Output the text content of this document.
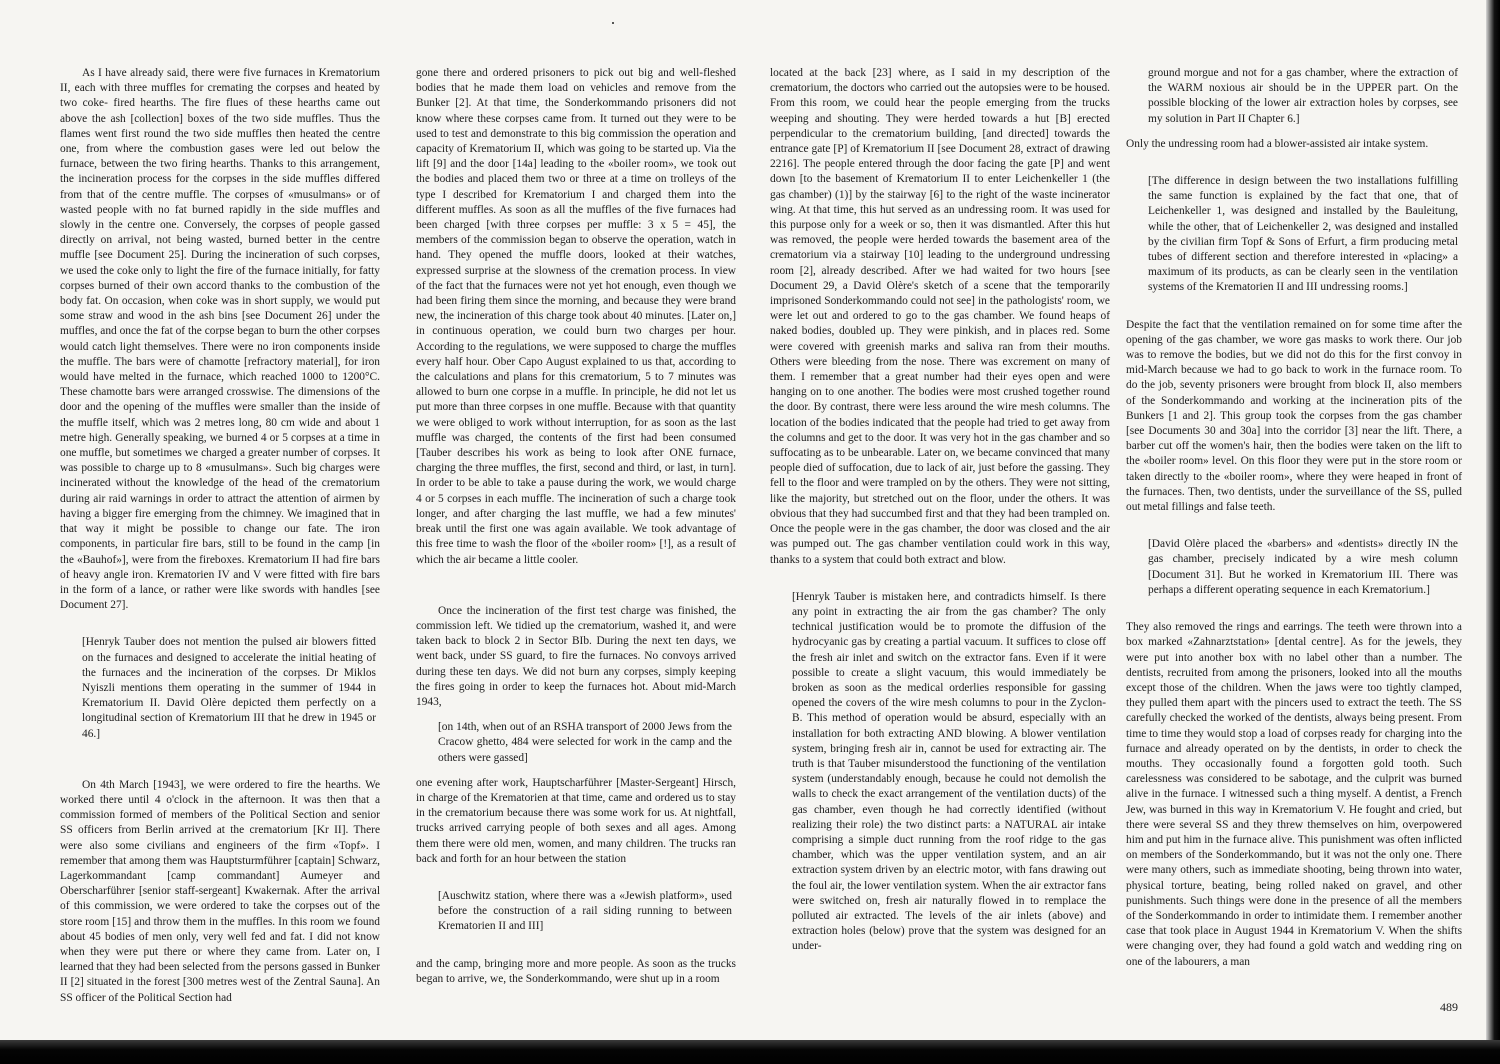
As I have already said, there were five furnaces in Krematorium II, each with three muffles for cremating the corpses and heated by two coke- fired hearths. The fire flues of these hearths came out above the ash [collection] boxes of the two side muffles. Thus the flames went first round the two side muffles then heated the centre one, from where the combustion gases were led out below the furnace, between the two firing hearths. Thanks to this arrangement, the incineration process for the corpses in the side muffles differed from that of the centre muffle. The corpses of «musulmans» or of wasted people with no fat burned rapidly in the side muffles and slowly in the centre one. Conversely, the corpses of people gassed directly on arrival, not being wasted, burned better in the centre muffle [see Document 25]. During the incineration of such corpses, we used the coke only to light the fire of the furnace initially, for fatty corpses burned of their own accord thanks to the combustion of the body fat. On occasion, when coke was in short supply, we would put some straw and wood in the ash bins [see Document 26] under the muffles, and once the fat of the corpse began to burn the other corpses would catch light themselves. There were no iron components inside the muffle. The bars were of chamotte [refractory material], for iron would have melted in the furnace, which reached 1000 to 1200°C. These chamotte bars were arranged crosswise. The dimensions of the door and the opening of the muffles were smaller than the inside of the muffle itself, which was 2 metres long, 80 cm wide and about 1 metre high. Generally speaking, we burned 4 or 5 corpses at a time in one muffle, but sometimes we charged a greater number of corpses. It was possible to charge up to 8 «musulmans». Such big charges were incinerated without the knowledge of the head of the crematorium during air raid warnings in order to attract the attention of airmen by having a bigger fire emerging from the chimney. We imagined that in that way it might be possible to change our fate. The iron components, in particular fire bars, still to be found in the camp [in the «Bauhof»], were from the fireboxes. Krematorium II had fire bars of heavy angle iron. Krematorien IV and V were fitted with fire bars in the form of a lance, or rather were like swords with handles [see Document 27].

[Henryk Tauber does not mention the pulsed air blowers fitted on the furnaces and designed to accelerate the initial heating of the furnaces and the incineration of the corpses. Dr Miklos Nyiszli mentions them operating in the summer of 1944 in Krematorium II. David Olère depicted them perfectly on a longitudinal section of Krematorium III that he drew in 1945 or 46.]

On 4th March [1943], we were ordered to fire the hearths. We worked there until 4 o'clock in the afternoon. It was then that a commission formed of members of the Political Section and senior SS officers from Berlin arrived at the crematorium [Kr II]. There were also some civilians and engineers of the firm «Topf». I remember that among them was Hauptsturmführer [captain] Schwarz, Lagerkommandant [camp commandant] Aumeyer and Oberscharführer [senior staff-sergeant] Kwakernak. After the arrival of this commission, we were ordered to take the corpses out of the store room [15] and throw them in the muffles. In this room we found about 45 bodies of men only, very well fed and fat. I did not know when they were put there or where they came from. Later on, I learned that they had been selected from the persons gassed in Bunker II [2] situated in the forest [300 metres west of the Zentral Sauna]. An SS officer of the Political Section had

gone there and ordered prisoners to pick out big and well-fleshed bodies that he made them load on vehicles and remove from the Bunker [2]. At that time, the Sonderkommando prisoners did not know where these corpses came from. It turned out they were to be used to test and demonstrate to this big commission the operation and capacity of Krematorium II, which was going to be started up. Via the lift [9] and the door [14a] leading to the «boiler room», we took out the bodies and placed them two or three at a time on trolleys of the type I described for Krematorium I and charged them into the different muffles. As soon as all the muffles of the five furnaces had been charged [with three corpses per muffle: 3 x 5 = 45], the members of the commission began to observe the operation, watch in hand. They opened the muffle doors, looked at their watches, expressed surprise at the slowness of the cremation process. In view of the fact that the furnaces were not yet hot enough, even though we had been firing them since the morning, and because they were brand new, the incineration of this charge took about 40 minutes. [Later on,] in continuous operation, we could burn two charges per hour. According to the regulations, we were supposed to charge the muffles every half hour. Ober Capo August explained to us that, according to the calculations and plans for this crematorium, 5 to 7 minutes was allowed to burn one corpse in a muffle. In principle, he did not let us put more than three corpses in one muffle. Because with that quantity we were obliged to work without interruption, for as soon as the last muffle was charged, the contents of the first had been consumed [Tauber describes his work as being to look after ONE furnace, charging the three muffles, the first, second and third, or last, in turn]. In order to be able to take a pause during the work, we would charge 4 or 5 corpses in each muffle. The incineration of such a charge took longer, and after charging the last muffle, we had a few minutes' break until the first one was again available. We took advantage of this free time to wash the floor of the «boiler room» [!], as a result of which the air became a little cooler.

Once the incineration of the first test charge was finished, the commission left. We tidied up the crematorium, washed it, and were taken back to block 2 in Sector BIb. During the next ten days, we went back, under SS guard, to fire the furnaces. No convoys arrived during these ten days. We did not burn any corpses, simply keeping the fires going in order to keep the furnaces hot. About mid-March 1943,

[on 14th, when out of an RSHA transport of 2000 Jews from the Cracow ghetto, 484 were selected for work in the camp and the others were gassed]

one evening after work, Hauptscharführer [Master-Sergeant] Hirsch, in charge of the Krematorien at that time, came and ordered us to stay in the crematorium because there was some work for us. At nightfall, trucks arrived carrying people of both sexes and all ages. Among them there were old men, women, and many children. The trucks ran back and forth for an hour between the station

[Auschwitz station, where there was a «Jewish platform», used before the construction of a rail siding running to between Krematorien II and III]

and the camp, bringing more and more people. As soon as the trucks began to arrive, we, the Sonderkommando, were shut up in a room

located at the back [23] where, as I said in my description of the crematorium, the doctors who carried out the autopsies were to be housed. From this room, we could hear the people emerging from the trucks weeping and shouting. They were herded towards a hut [B] erected perpendicular to the crematorium building, [and directed] towards the entrance gate [P] of Krematorium II [see Document 28, extract of drawing 2216]. The people entered through the door facing the gate [P] and went down [to the basement of Krematorium II to enter Leichenkeller 1 (the gas chamber) (1)] by the stairway [6] to the right of the waste incinerator wing. At that time, this hut served as an undressing room. It was used for this purpose only for a week or so, then it was dismantled. After this hut was removed, the people were herded towards the basement area of the crematorium via a stairway [10] leading to the underground undressing room [2], already described. After we had waited for two hours [see Document 29, a David Olère's sketch of a scene that the temporarily imprisoned Sonderkommando could not see] in the pathologists' room, we were let out and ordered to go to the gas chamber. We found heaps of naked bodies, doubled up. They were pinkish, and in places red. Some were covered with greenish marks and saliva ran from their mouths. Others were bleeding from the nose. There was excrement on many of them. I remember that a great number had their eyes open and were hanging on to one another. The bodies were most crushed together round the door. By contrast, there were less around the wire mesh columns. The location of the bodies indicated that the people had tried to get away from the columns and get to the door. It was very hot in the gas chamber and so suffocating as to be unbearable. Later on, we became convinced that many people died of suffocation, due to lack of air, just before the gassing. They fell to the floor and were trampled on by the others. They were not sitting, like the majority, but stretched out on the floor, under the others. It was obvious that they had succumbed first and that they had been trampled on. Once the people were in the gas chamber, the door was closed and the air was pumped out. The gas chamber ventilation could work in this way, thanks to a system that could both extract and blow.

[Henryk Tauber is mistaken here, and contradicts himself. Is there any point in extracting the air from the gas chamber? The only technical justification would be to promote the diffusion of the hydrocyanic gas by creating a partial vacuum. It suffices to close off the fresh air inlet and switch on the extractor fans. Even if it were possible to create a slight vacuum, this would immediately be broken as soon as the medical orderlies responsible for gassing opened the covers of the wire mesh columns to pour in the Zyclon-B. This method of operation would be absurd, especially with an installation for both extracting AND blowing. A blower ventilation system, bringing fresh air in, cannot be used for extracting air. The truth is that Tauber misunderstood the functioning of the ventilation system (understandably enough, because he could not demolish the walls to check the exact arrangement of the ventilation ducts) of the gas chamber, even though he had correctly identified (without realizing their role) the two distinct parts: a NATURAL air intake comprising a simple duct running from the roof ridge to the gas chamber, which was the upper ventilation system, and an air extraction system driven by an electric motor, with fans drawing out the foul air, the lower ventilation system. When the air extractor fans were switched on, fresh air naturally flowed in to remplace the polluted air extracted. The levels of the air inlets (above) and extraction holes (below) prove that the system was designed for an under-

ground morgue and not for a gas chamber, where the extraction of the WARM noxious air should be in the UPPER part. On the possible blocking of the lower air extraction holes by corpses, see my solution in Part II Chapter 6.]

Only the undressing room had a blower-assisted air intake system.

[The difference in design between the two installations fulfilling the same function is explained by the fact that one, that of Leichenkeller 1, was designed and installed by the Bauleitung, while the other, that of Leichenkeller 2, was designed and installed by the civilian firm Topf & Sons of Erfurt, a firm producing metal tubes of different section and therefore interested in «placing» a maximum of its products, as can be clearly seen in the ventilation systems of the Krematorien II and III undressing rooms.]

Despite the fact that the ventilation remained on for some time after the opening of the gas chamber, we wore gas masks to work there. Our job was to remove the bodies, but we did not do this for the first convoy in mid-March because we had to go back to work in the furnace room. To do the job, seventy prisoners were brought from block II, also members of the Sonderkommando and working at the incineration pits of the Bunkers [1 and 2]. This group took the corpses from the gas chamber [see Documents 30 and 30a] into the corridor [3] near the lift. There, a barber cut off the women's hair, then the bodies were taken on the lift to the «boiler room» level. On this floor they were put in the store room or taken directly to the «boiler room», where they were heaped in front of the furnaces. Then, two dentists, under the surveillance of the SS, pulled out metal fillings and false teeth.

[David Olère placed the «barbers» and «dentists» directly IN the gas chamber, precisely indicated by a wire mesh column [Document 31]. But he worked in Krematorium III. There was perhaps a different operating sequence in each Krematorium.]

They also removed the rings and earrings. The teeth were thrown into a box marked «Zahnarztstation» [dental centre]. As for the jewels, they were put into another box with no label other than a number. The dentists, recruited from among the prisoners, looked into all the mouths except those of the children. When the jaws were too tightly clamped, they pulled them apart with the pincers used to extract the teeth. The SS carefully checked the worked of the dentists, always being present. From time to time they would stop a load of corpses ready for charging into the furnace and already operated on by the dentists, in order to check the mouths. They occasionally found a forgotten gold tooth. Such carelessness was considered to be sabotage, and the culprit was burned alive in the furnace. I witnessed such a thing myself. A dentist, a French Jew, was burned in this way in Krematorium V. He fought and cried, but there were several SS and they threw themselves on him, overpowered him and put him in the furnace alive. This punishment was often inflicted on members of the Sonderkommando, but it was not the only one. There were many others, such as immediate shooting, being thrown into water, physical torture, beating, being rolled naked on gravel, and other punishments. Such things were done in the presence of all the members of the Sonderkommando in order to intimidate them. I remember another case that took place in August 1944 in Krematorium V. When the shifts were changing over, they had found a gold watch and wedding ring on one of the labourers, a man

489
